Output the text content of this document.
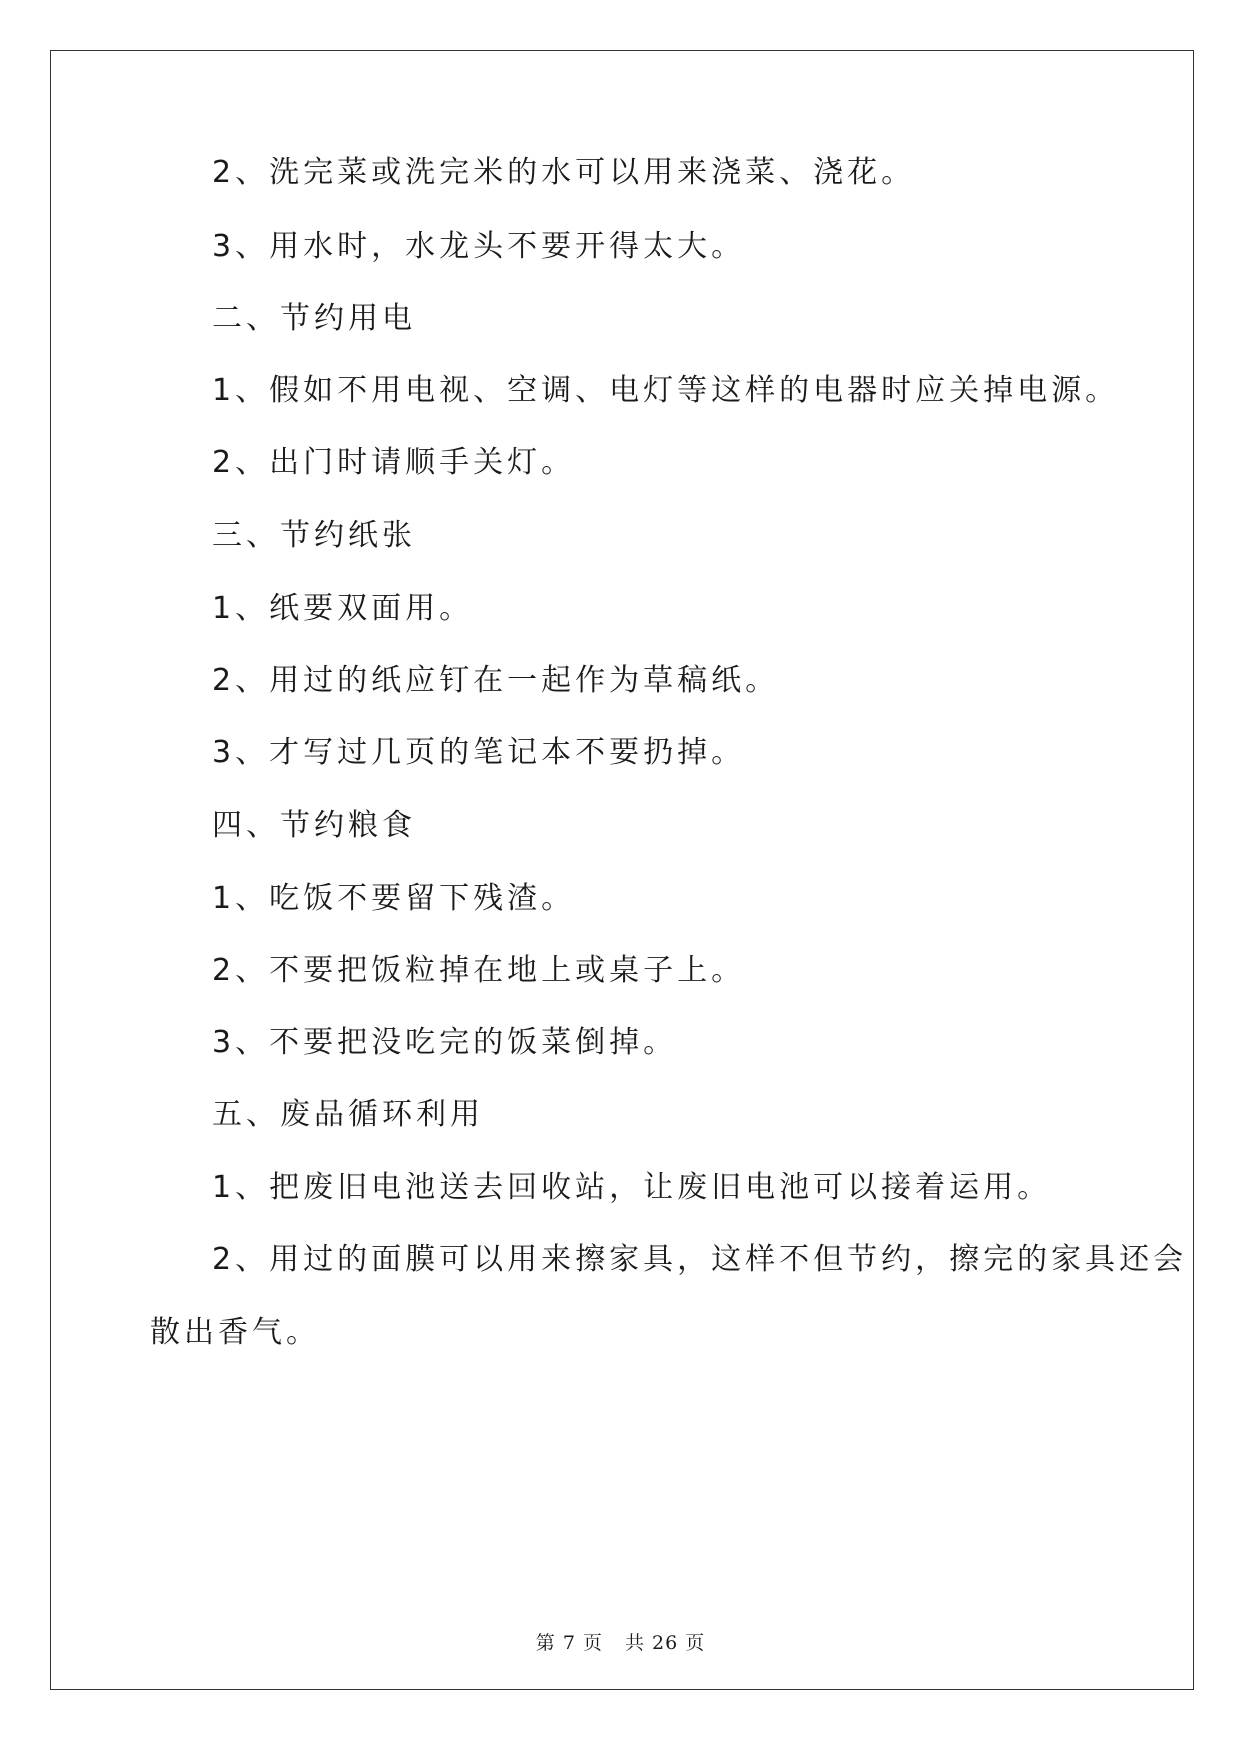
2、洗完菜或洗完米的水可以用来浇菜、浇花。

3、用水时，水龙头不要开得太大。

二、节约用电

1、假如不用电视、空调、电灯等这样的电器时应关掉电源。

2、出门时请顺手关灯。

三、节约纸张

1、纸要双面用。

2、用过的纸应钉在一起作为草稿纸。

3、才写过几页的笔记本不要扔掉。

四、节约粮食

1、吃饭不要留下残渣。

2、不要把饭粒掉在地上或桌子上。

3、不要把没吃完的饭菜倒掉。

五、废品循环利用

1、把废旧电池送去回收站，让废旧电池可以接着运用。

2、用过的面膜可以用来擦家具，这样不但节约，擦完的家具还会

散出香气。

第 7 页 共 26 页
